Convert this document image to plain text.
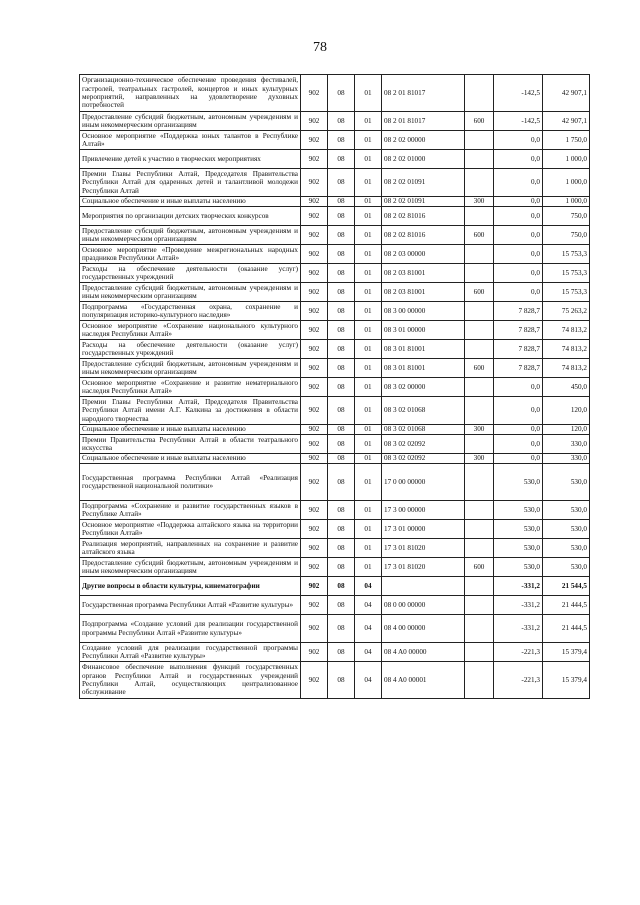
78
Организационно-техническое обеспечение проведения фестивалей, гастролей, театральных гастролей, концертов и иных культурных мероприятий, направленных на удовлетворение духовных потребностей	902	08	01	08 2 01 81017		-142,5	42 907,1
Предоставление субсидий бюджетным, автономным учреждениям и иным некоммерческим организациям	902	08	01	08 2 01 81017	600	-142,5	42 907,1
Основное мероприятие «Поддержка юных талантов в Республике Алтай»	902	08	01	08 2 02 00000		0,0	1 750,0
Привлечение детей к участию в творческих мероприятиях	902	08	01	08 2 02 01000		0,0	1 000,0
Премии Главы Республики Алтай, Председателя Правительства Республики Алтай для одаренных детей и талантливой молодежи Республики Алтай	902	08	01	08 2 02 01091		0,0	1 000,0
Социальное обеспечение и иные выплаты населению	902	08	01	08 2 02 01091	300	0,0	1 000,0
Мероприятия по организации детских творческих конкурсов	902	08	01	08 2 02 81016		0,0	750,0
Предоставление субсидий бюджетным, автономным учреждениям и иным некоммерческим организациям	902	08	01	08 2 02 81016	600	0,0	750,0
Основное мероприятие «Проведение межрегиональных народных праздников Республики Алтай»	902	08	01	08 2 03 00000		0,0	15 753,3
Расходы на обеспечение деятельности (оказание услуг) государственных учреждений	902	08	01	08 2 03 81001		0,0	15 753,3
Предоставление субсидий бюджетным, автономным учреждениям и иным некоммерческим организациям	902	08	01	08 2 03 81001	600	0,0	15 753,3
Подпрограмма «Государственная охрана, сохранение и популяризация историко-культурного наследия»	902	08	01	08 3 00 00000		7 828,7	75 263,2
Основное мероприятие «Сохранение национального культурного наследия Республики Алтай»	902	08	01	08 3 01 00000		7 828,7	74 813,2
Расходы на обеспечение деятельности (оказание услуг) государственных учреждений	902	08	01	08 3 01 81001		7 828,7	74 813,2
Предоставление субсидий бюджетным, автономным учреждениям и иным некоммерческим организациям	902	08	01	08 3 01 81001	600	7 828,7	74 813,2
Основное мероприятие «Сохранение и развитие нематериального наследия Республики Алтай»	902	08	01	08 3 02 00000		0,0	450,0
Премии Главы Республики Алтай, Председателя Правительства Республики Алтай имени А.Г. Калкина за достижения в области народного творчества	902	08	01	08 3 02 01068		0,0	120,0
Социальное обеспечение и иные выплаты населению	902	08	01	08 3 02 01068	300	0,0	120,0
Премии Правительства Республики Алтай в области театрального искусства	902	08	01	08 3 02 02092		0,0	330,0
Социальное обеспечение и иные выплаты населению	902	08	01	08 3 02 02092	300	0,0	330,0
Государственная программа Республики Алтай «Реализация государственной национальной политики»	902	08	01	17 0 00 00000		530,0	530,0
Подпрограмма «Сохранение и развитие государственных языков в Республике Алтай»	902	08	01	17 3 00 00000		530,0	530,0
Основное мероприятие «Поддержка алтайского языка на территории Республики Алтай»	902	08	01	17 3 01 00000		530,0	530,0
Реализация мероприятий, направленных на сохранение и развитие алтайского языка	902	08	01	17 3 01 81020		530,0	530,0
Предоставление субсидий бюджетным, автономным учреждениям и иным некоммерческим организациям	902	08	01	17 3 01 81020	600	530,0	530,0
Другие вопросы в области культуры, кинематографии	902	08	04			-331,2	21 544,5
Государственная программа Республики Алтай «Развитие культуры»	902	08	04	08 0 00 00000		-331,2	21 444,5
Подпрограмма «Создание условий для реализации государственной программы Республики Алтай «Развитие культуры»	902	08	04	08 4 00 00000		-331,2	21 444,5
Создание условий для реализации государственной программы Республики Алтай «Развитие культуры»	902	08	04	08 4 A0 00000		-221,3	15 379,4
Финансовое обеспечение выполнения функций государственных органов Республики Алтай и государственных учреждений Республики Алтай, осуществляющих централизованное обслуживание	902	08	04	08 4 A0 00001		-221,3	15 379,4
